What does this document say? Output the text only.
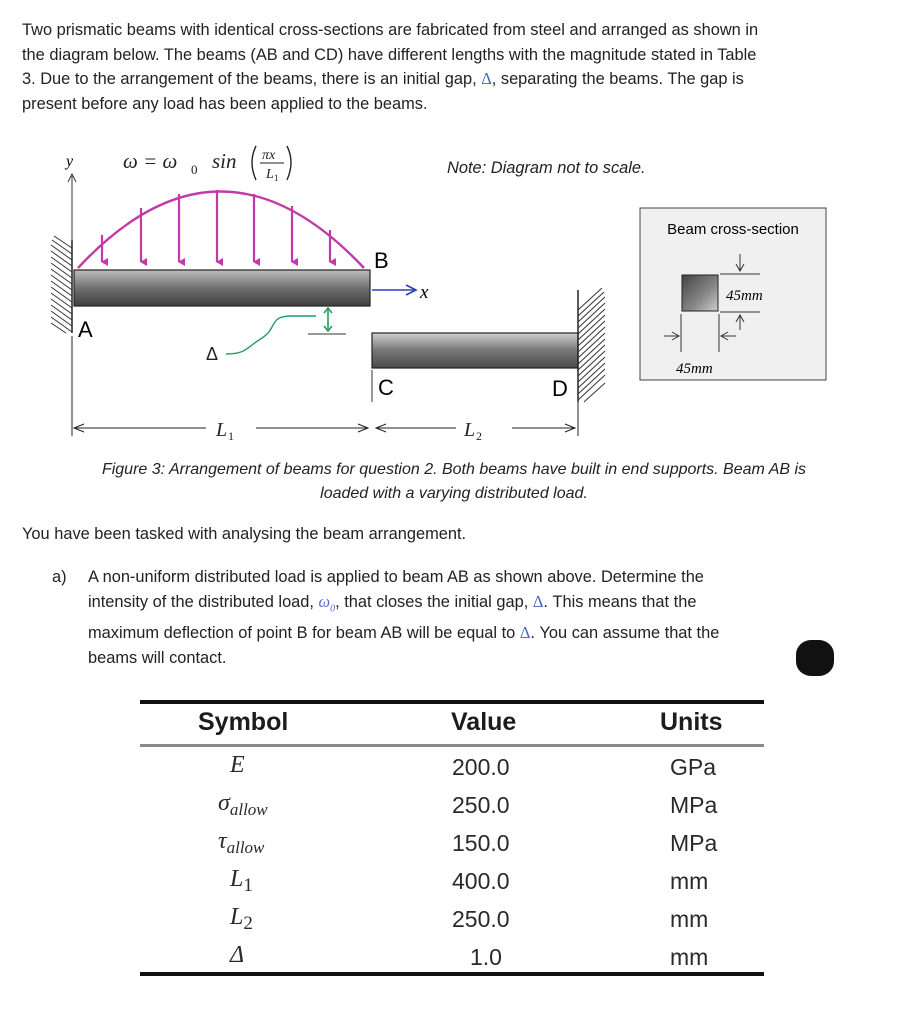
Two prismatic beams with identical cross-sections are fabricated from steel and arranged as shown in
the diagram below. The beams (AB and CD) have different lengths with the magnitude stated in Table
3. Due to the arrangement of the beams, there is an initial gap, Δ, separating the beams. The gap is
present before any load has been applied to the beams.
Note: Diagram not to scale.
ω = ω 0 sin πx
L 1
y
A
B
x
Δ
C	D
L 1	L 2
Beam cross-section
45mm
45mm
Figure 3: Arrangement of beams for question 2. Both beams have built in end supports. Beam AB is
loaded with a varying distributed load.
You have been tasked with analysing the beam arrangement.
a) A non-uniform distributed load is applied to beam AB as shown above. Determine the
intensity of the distributed load, $\omega_0$, that closes the initial gap, Δ. This means that the
maximum deflection of point B for beam AB will be equal to Δ. You can assume that the
beams will contact.
Symbol	Value	Units
E	200.0	GPa
$\sigma_{allow}$	250.0	MPa
$\tau_{allow}$	150.0	MPa
$L_1$	400.0	mm
$L_2$	250.0	mm
Δ	1.0	mm
